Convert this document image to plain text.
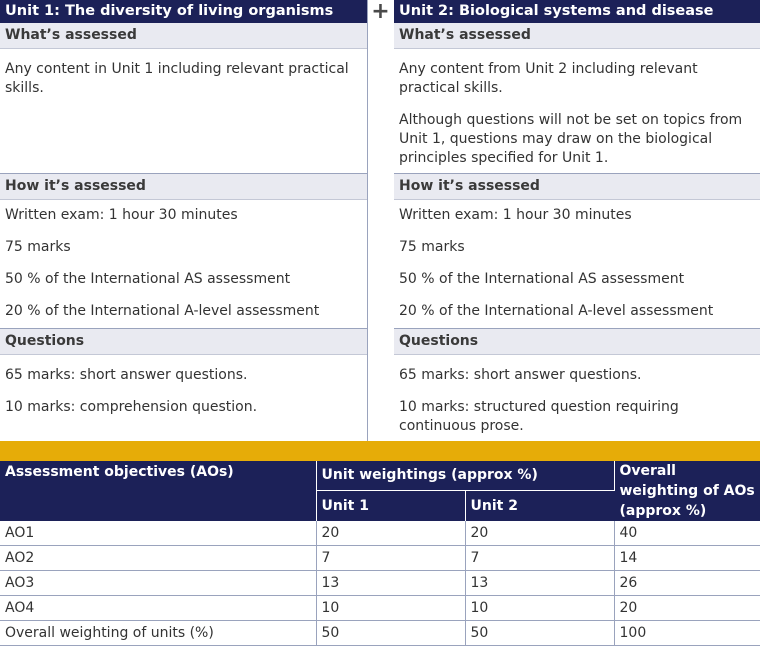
Unit 1: The diversity of living organisms
What’s assessed

Any content in Unit 1 including relevant practical skills.

How it’s assessed

Written exam: 1 hour 30 minutes

75 marks

50 % of the International AS assessment

20 % of the International A-level assessment

Questions

65 marks: short answer questions.

10 marks: comprehension question.

+ Unit 2: Biological systems and disease
What’s assessed

Any content from Unit 2 including relevant practical skills.

Although questions will not be set on topics from Unit 1, questions may draw on the biological principles specified for Unit 1.

How it’s assessed

Written exam: 1 hour 30 minutes

75 marks

50 % of the International AS assessment

20 % of the International A-level assessment

Questions

65 marks: short answer questions.

10 marks: structured question requiring continuous prose.

Assessment objectives (AOs)	Unit weightings (approx %)		Overall weighting of AOs (approx %)
	Unit 1	Unit 2	
AO1	20	20	40
AO2	7	7	14
AO3	13	13	26
AO4	10	10	20
Overall weighting of units (%)	50	50	100
